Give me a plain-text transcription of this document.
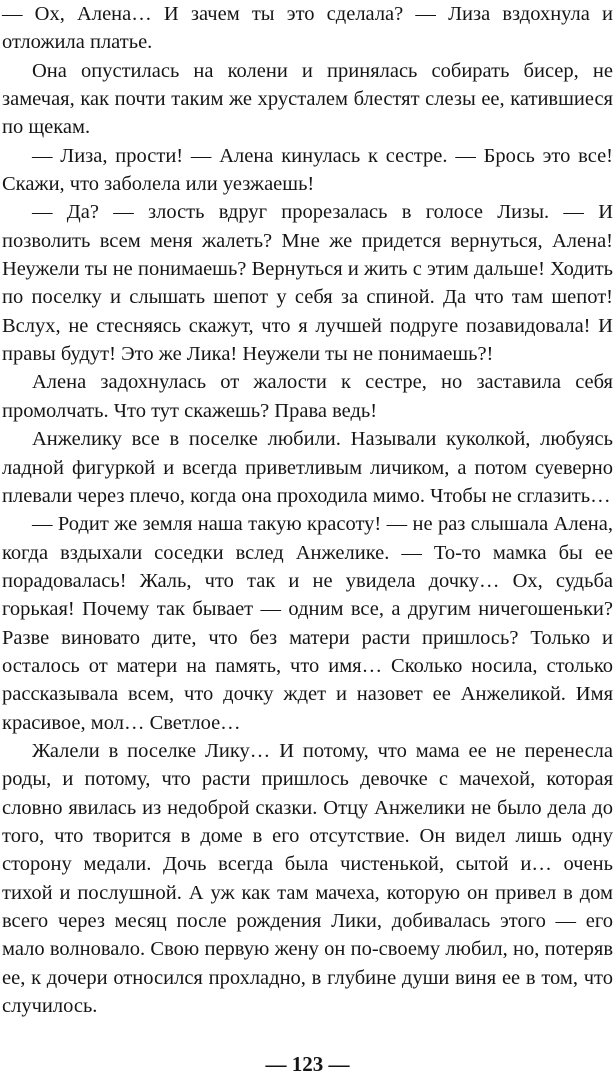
— Ох, Алена… И зачем ты это сделала? — Лиза вздохнула и отложила платье.

Она опустилась на колени и принялась собирать бисер, не замечая, как почти таким же хрусталем блестят слезы ее, катившиеся по щекам.

— Лиза, прости! — Алена кинулась к сестре. — Брось это все! Скажи, что заболела или уезжаешь!

— Да? — злость вдруг прорезалась в голосе Лизы. — И позволить всем меня жалеть? Мне же придется вернуться, Алена! Неужели ты не понимаешь? Вернуться и жить с этим дальше! Ходить по поселку и слышать шепот у себя за спиной. Да что там шепот! Вслух, не стесняясь скажут, что я лучшей подруге позавидовала! И правы будут! Это же Лика! Неужели ты не понимаешь?!

Алена задохнулась от жалости к сестре, но заставила себя промолчать. Что тут скажешь? Права ведь!

Анжелику все в поселке любили. Называли куколкой, любуясь ладной фигуркой и всегда приветливым личиком, а потом суеверно плевали через плечо, когда она проходила мимо. Чтобы не сглазить…

— Родит же земля наша такую красоту! — не раз слышала Алена, когда вздыхали соседки вслед Анжелике. — То-то мамка бы ее порадовалась! Жаль, что так и не увидела дочку… Ох, судьба горькая! Почему так бывает — одним все, а другим ничегошеньки? Разве виновато дите, что без матери расти пришлось? Только и осталось от матери на память, что имя… Сколько носила, столько рассказывала всем, что дочку ждет и назовет ее Анжеликой. Имя красивое, мол… Светлое…

Жалели в поселке Лику… И потому, что мама ее не перенесла роды, и потому, что расти пришлось девочке с мачехой, которая словно явилась из недоброй сказки. Отцу Анжелики не было дела до того, что творится в доме в его отсутствие. Он видел лишь одну сторону медали. Дочь всегда была чистенькой, сытой и… очень тихой и послушной. А уж как там мачеха, которую он привел в дом всего через месяц после рождения Лики, добивалась этого — его мало волновало. Свою первую жену он по-своему любил, но, потеряв ее, к дочери относился прохладно, в глубине души виня ее в том, что случилось.

— 123 —
